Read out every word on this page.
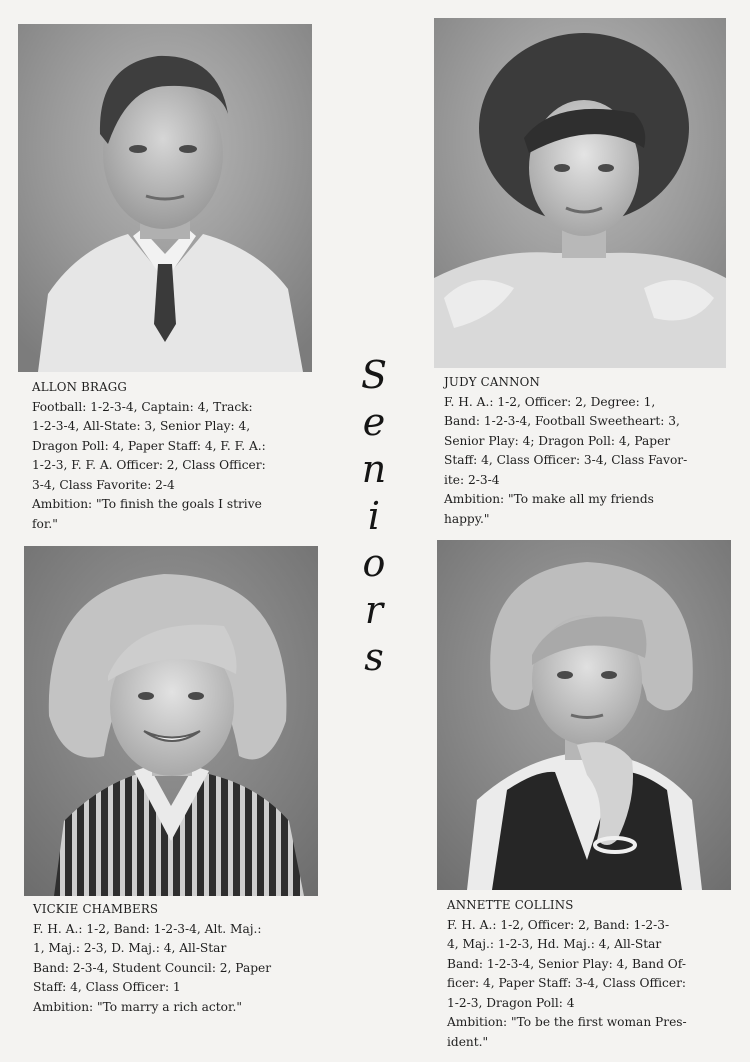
S
e
n
i
o
r
s

ALLON BRAGG

Football: 1-2-3-4, Captain: 4, Track:

1-2-3-4, All-State: 3, Senior Play: 4,

Dragon Poll: 4, Paper Staff: 4, F. F. A.:

1-2-3, F. F. A. Officer: 2, Class Officer:

3-4, Class Favorite: 2-4

Ambition: "To finish the goals I strive

for."

JUDY CANNON

F. H. A.: 1-2, Officer: 2, Degree: 1,

Band: 1-2-3-4, Football Sweetheart: 3,

Senior Play: 4; Dragon Poll: 4, Paper

Staff: 4, Class Officer: 3-4, Class Favor-

ite: 2-3-4

Ambition: "To make all my friends

happy."

VICKIE CHAMBERS

F. H. A.: 1-2, Band: 1-2-3-4, Alt. Maj.:

1, Maj.: 2-3, D. Maj.: 4, All-Star

Band: 2-3-4, Student Council: 2, Paper

Staff: 4, Class Officer: 1

Ambition: "To marry a rich actor."

ANNETTE COLLINS

F. H. A.: 1-2, Officer: 2, Band: 1-2-3-

4, Maj.: 1-2-3, Hd. Maj.: 4, All-Star

Band: 1-2-3-4, Senior Play: 4, Band Of-

ficer: 4, Paper Staff: 3-4, Class Officer:

1-2-3, Dragon Poll: 4

Ambition: "To be the first woman Pres-

ident."
